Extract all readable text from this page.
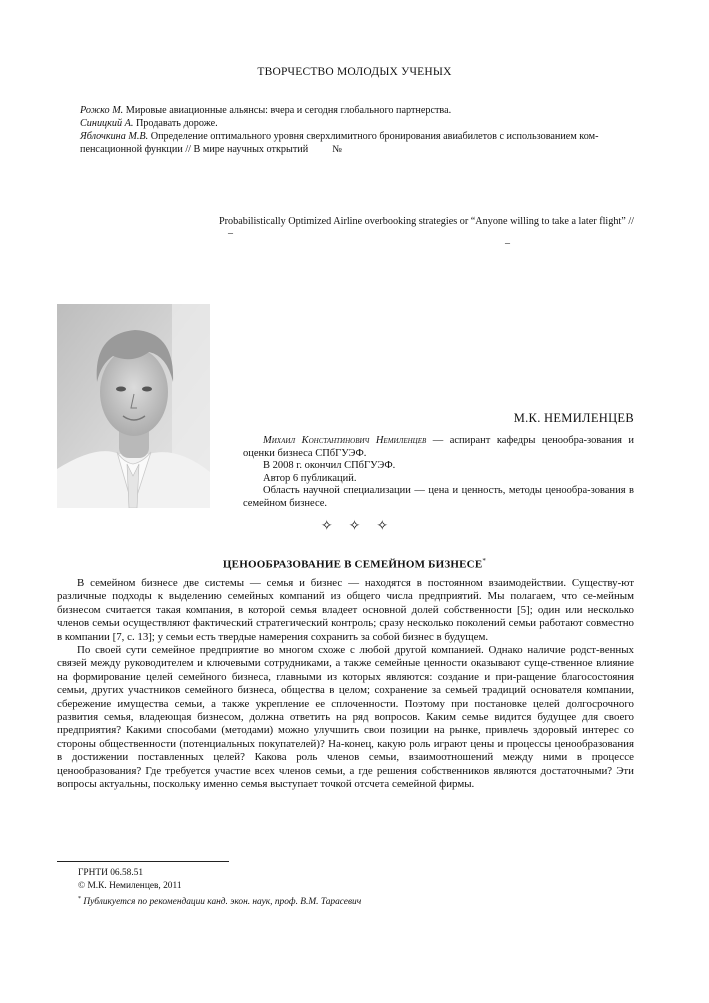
ТВОРЧЕСТВО МОЛОДЫХ УЧЕНЫХ
Рожко М. Мировые авиационные альянсы: вчера и сегодня глобального партнерства.
Синицкий А. Продавать дороже.
Яблочкина М.В. Определение оптимального уровня сверхлимитного бронирования авиабилетов с использованием ком-пенсационной функции // В мире научных открытий №
Probabilistically Optimized Airline overbooking strategies or “Anyone willing to take a later flight” //
–
–
М.К. НЕМИЛЕНЦЕВ

Михаил Константинович Немиленцев — аспирант кафедры ценообра-зования и оценки бизнеса СПбГУЭФ.

В 2008 г. окончил СПбГУЭФ.

Автор 6 публикаций.

Область научной специализации — цена и ценность, методы ценообра-зования в семейном бизнесе.

✧ ✧ ✧
ЦЕНООБРАЗОВАНИЕ В СЕМЕЙНОМ БИЗНЕСЕ*

В семейном бизнесе две системы — семья и бизнес — находятся в постоянном взаимодействии. Существу-ют различные подходы к выделению семейных компаний из общего числа предприятий. Мы полагаем, что се-мейным бизнесом считается такая компания, в которой семья владеет основной долей собственности [5]; один или несколько членов семьи осуществляют фактический стратегический контроль; сразу несколько поколений семьи работают совместно в компании [7, с. 13]; у семьи есть твердые намерения сохранить за собой бизнес в будущем.

По своей сути семейное предприятие во многом схоже с любой другой компанией. Однако наличие родст-венных связей между руководителем и ключевыми сотрудниками, а также семейные ценности оказывают суще-ственное влияние на формирование целей семейного бизнеса, главными из которых являются: создание и при-ращение благосостояния семьи, других участников семейного бизнеса, общества в целом; сохранение за семьей традиций основателя компании, сбережение имущества семьи, а также укрепление ее сплоченности. Поэтому при постановке целей долгосрочного развития семья, владеющая бизнесом, должна ответить на ряд вопросов. Каким семье видится будущее для своего предприятия? Какими способами (методами) можно улучшить свои позиции на рынке, привлечь здоровый интерес со стороны общественности (потенциальных покупателей)? На-конец, какую роль играют цены и процессы ценообразования в достижении поставленных целей? Какова роль членов семьи, взаимоотношений между ними в процессе ценообразования? Где требуется участие всех членов семьи, а где решения собственников являются достаточными? Эти вопросы актуальны, поскольку именно семья выступает точкой отсчета семейной фирмы.

ГРНТИ 06.58.51
© М.К. Немиленцев, 2011
* Публикуется по рекомендации канд. экон. наук, проф. В.М. Тарасевич
